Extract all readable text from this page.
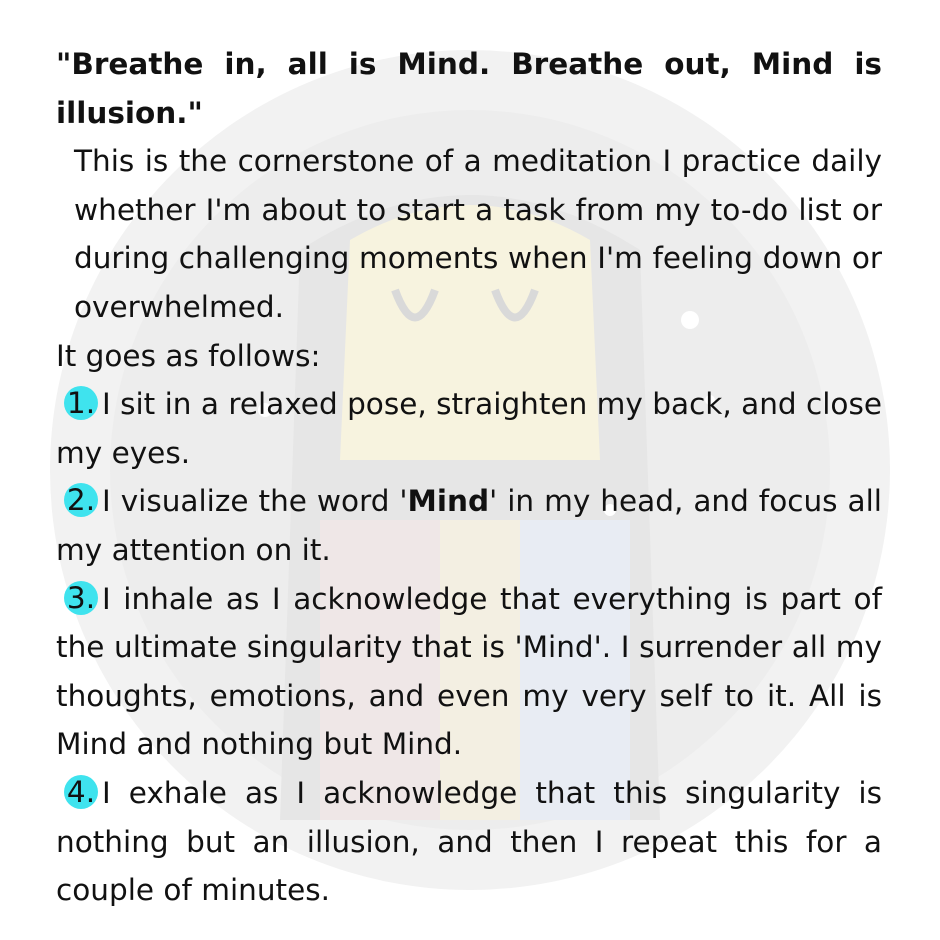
"Breathe in, all is Mind. Breathe out, Mind is illusion."

This is the cornerstone of a meditation I practice daily whether I'm about to start a task from my to-do list or during challenging moments when I'm feeling down or overwhelmed.

It goes as follows:

1. I sit in a relaxed pose, straighten my back, and close my eyes.

2. I visualize the word 'Mind' in my head, and focus all my attention on it.

3. I inhale as I acknowledge that everything is part of the ultimate singularity that is 'Mind'. I surrender all my thoughts, emotions, and even my very self to it. All is Mind and nothing but Mind.

4. I exhale as I acknowledge that this singularity is nothing but an illusion, and then I repeat this for a couple of minutes.
